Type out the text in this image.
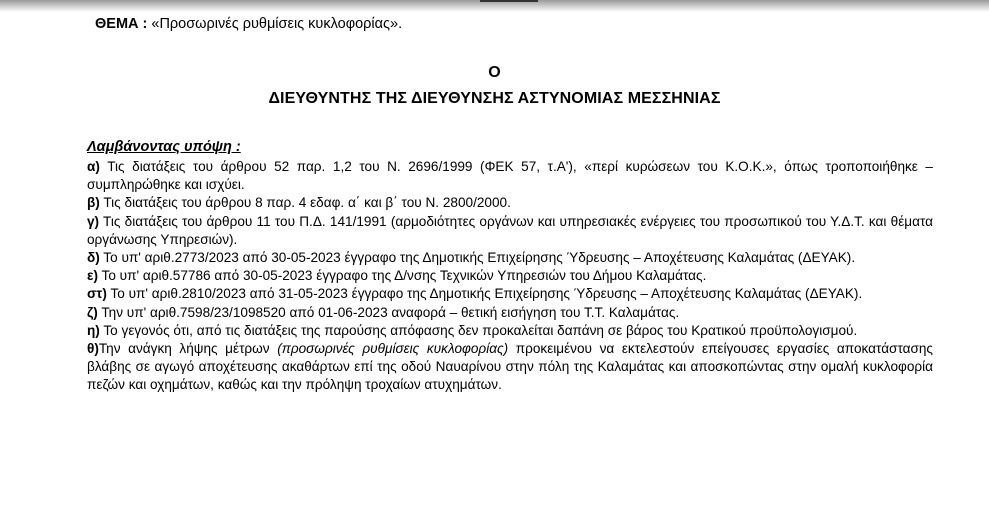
ΘΕΜΑ : «Προσωρινές ρυθμίσεις κυκλοφορίας».
Ο
ΔΙΕΥΘΥΝΤΗΣ ΤΗΣ ΔΙΕΥΘΥΝΣΗΣ ΑΣΤΥΝΟΜΙΑΣ ΜΕΣΣΗΝΙΑΣ
Λαμβάνοντας υπόψη :

α) Τις διατάξεις του άρθρου 52 παρ. 1,2 του Ν. 2696/1999 (ΦΕΚ 57, τ.Α'), «περί κυρώσεων του Κ.Ο.Κ.», όπως τροποποιήθηκε – συμπληρώθηκε και ισχύει.

β) Τις διατάξεις του άρθρου 8 παρ. 4 εδαφ. α΄ και β΄ του Ν. 2800/2000.

γ) Τις διατάξεις του άρθρου 11 του Π.Δ. 141/1991 (αρμοδιότητες οργάνων και υπηρεσιακές ενέργειες του προσωπικού του Υ.Δ.Τ. και θέματα οργάνωσης Υπηρεσιών).

δ) Το υπ' αριθ.2773/2023 από 30-05-2023 έγγραφο της Δημοτικής Επιχείρησης Ύδρευσης – Αποχέτευσης Καλαμάτας (ΔΕΥΑΚ).

ε) Το υπ' αριθ.57786 από 30-05-2023 έγγραφο της Δ/νσης Τεχνικών Υπηρεσιών του Δήμου Καλαμάτας.

στ) Το υπ' αριθ.2810/2023 από 31-05-2023 έγγραφο της Δημοτικής Επιχείρησης Ύδρευσης – Αποχέτευσης Καλαμάτας (ΔΕΥΑΚ).

ζ) Την υπ' αριθ.7598/23/1098520 από 01-06-2023 αναφορά – θετική εισήγηση του Τ.Τ. Καλαμάτας.

η) Το γεγονός ότι, από τις διατάξεις της παρούσης απόφασης δεν προκαλείται δαπάνη σε βάρος του Κρατικού προϋπολογισμού.

θ)Την ανάγκη λήψης μέτρων (προσωρινές ρυθμίσεις κυκλοφορίας) προκειμένου να εκτελεστούν επείγουσες εργασίες αποκατάστασης βλάβης σε αγωγό αποχέτευσης ακαθάρτων επί της οδού Ναυαρίνου στην πόλη της Καλαμάτας και αποσκοπώντας στην ομαλή κυκλοφορία πεζών και οχημάτων, καθώς και την πρόληψη τροχαίων ατυχημάτων.
